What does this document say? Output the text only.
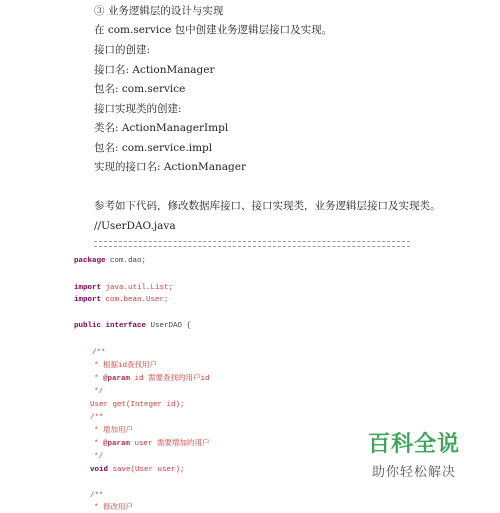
③ 业务逻辑层的设计与实现
在 com.service 包中创建业务逻辑层接口及实现。
接口的创建:
接口名: ActionManager
包名: com.service
接口实现类的创建:
类名: ActionManagerImpl
包名: com.service.impl
实现的接口名: ActionManager
参考如下代码，修改数据库接口、接口实现类，业务逻辑层接口及实现类。
//UserDAO.java
package com.dao;
import java.util.List;
import com.bean.User;
public interface UserDAO {
/**
* 根据id查找用户
* @param id 需要查找的用户id
*/
User get(Integer id);
/**
* 增加用户
* @param user 需要增加的用户
*/
void save(User user);
/**
* 修改用户
百科全说
助你轻松解决
